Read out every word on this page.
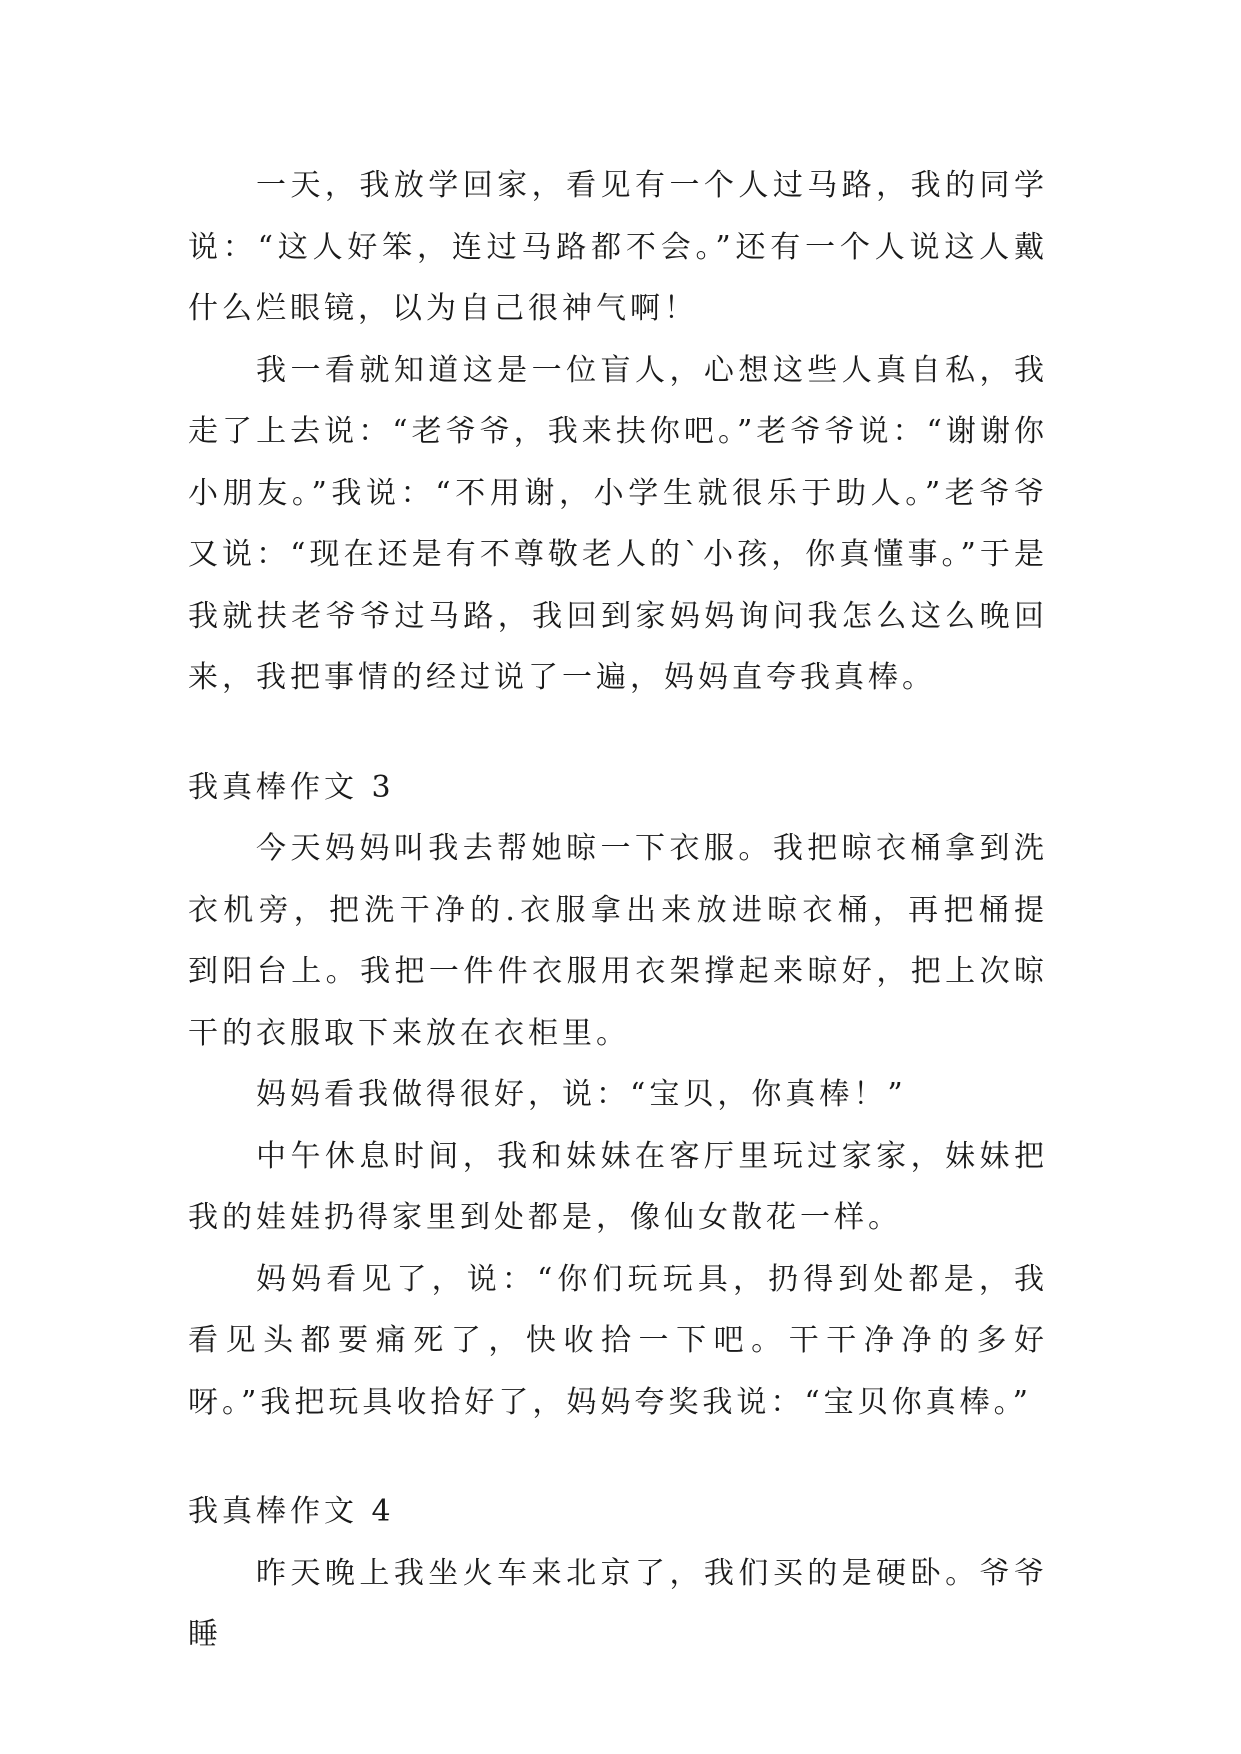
一天，我放学回家，看见有一个人过马路，我的同学说：“这人好笨，连过马路都不会。”还有一个人说这人戴什么烂眼镜，以为自己很神气啊！

我一看就知道这是一位盲人，心想这些人真自私，我走了上去说：“老爷爷，我来扶你吧。”老爷爷说：“谢谢你小朋友。”我说：“不用谢，小学生就很乐于助人。”老爷爷又说：“现在还是有不尊敬老人的`小孩，你真懂事。”于是我就扶老爷爷过马路，我回到家妈妈询问我怎么这么晚回来，我把事情的经过说了一遍，妈妈直夸我真棒。

我真棒作文 3

今天妈妈叫我去帮她晾一下衣服。我把晾衣桶拿到洗衣机旁，把洗干净的.衣服拿出来放进晾衣桶，再把桶提到阳台上。我把一件件衣服用衣架撑起来晾好，把上次晾干的衣服取下来放在衣柜里。

妈妈看我做得很好，说：“宝贝，你真棒！”

中午休息时间，我和妹妹在客厅里玩过家家，妹妹把我的娃娃扔得家里到处都是，像仙女散花一样。

妈妈看见了，说：“你们玩玩具，扔得到处都是，我看见头都要痛死了，快收拾一下吧。干干净净的多好呀。”我把玩具收拾好了，妈妈夸奖我说：“宝贝你真棒。”

我真棒作文 4

昨天晚上我坐火车来北京了，我们买的是硬卧。爷爷睡
